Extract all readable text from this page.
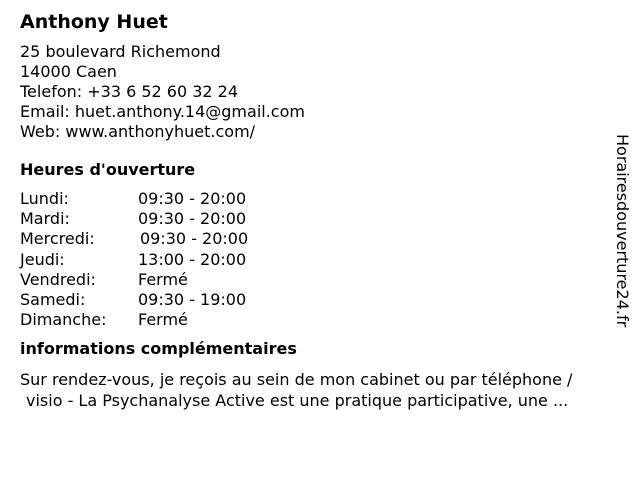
Anthony Huet
25 boulevard Richemond
14000 Caen
Telefon: +33 6 52 60 32 24
Email: huet.anthony.14@gmail.com
Web: www.anthonyhuet.com/
Heures d'ouverture
Lundi:	09:30 - 20:00
Mardi:	09:30 - 20:00
Mercredi:	09:30 - 20:00
Jeudi:	13:00 - 20:00
Vendredi:	Fermé
Samedi:	09:30 - 19:00
Dimanche: Fermé
informations complémentaires
Sur rendez-vous, je reçois au sein de mon cabinet ou par téléphone /
visio - La Psychanalyse Active est une pratique participative, une ...
Horairesdouverture24.fr
